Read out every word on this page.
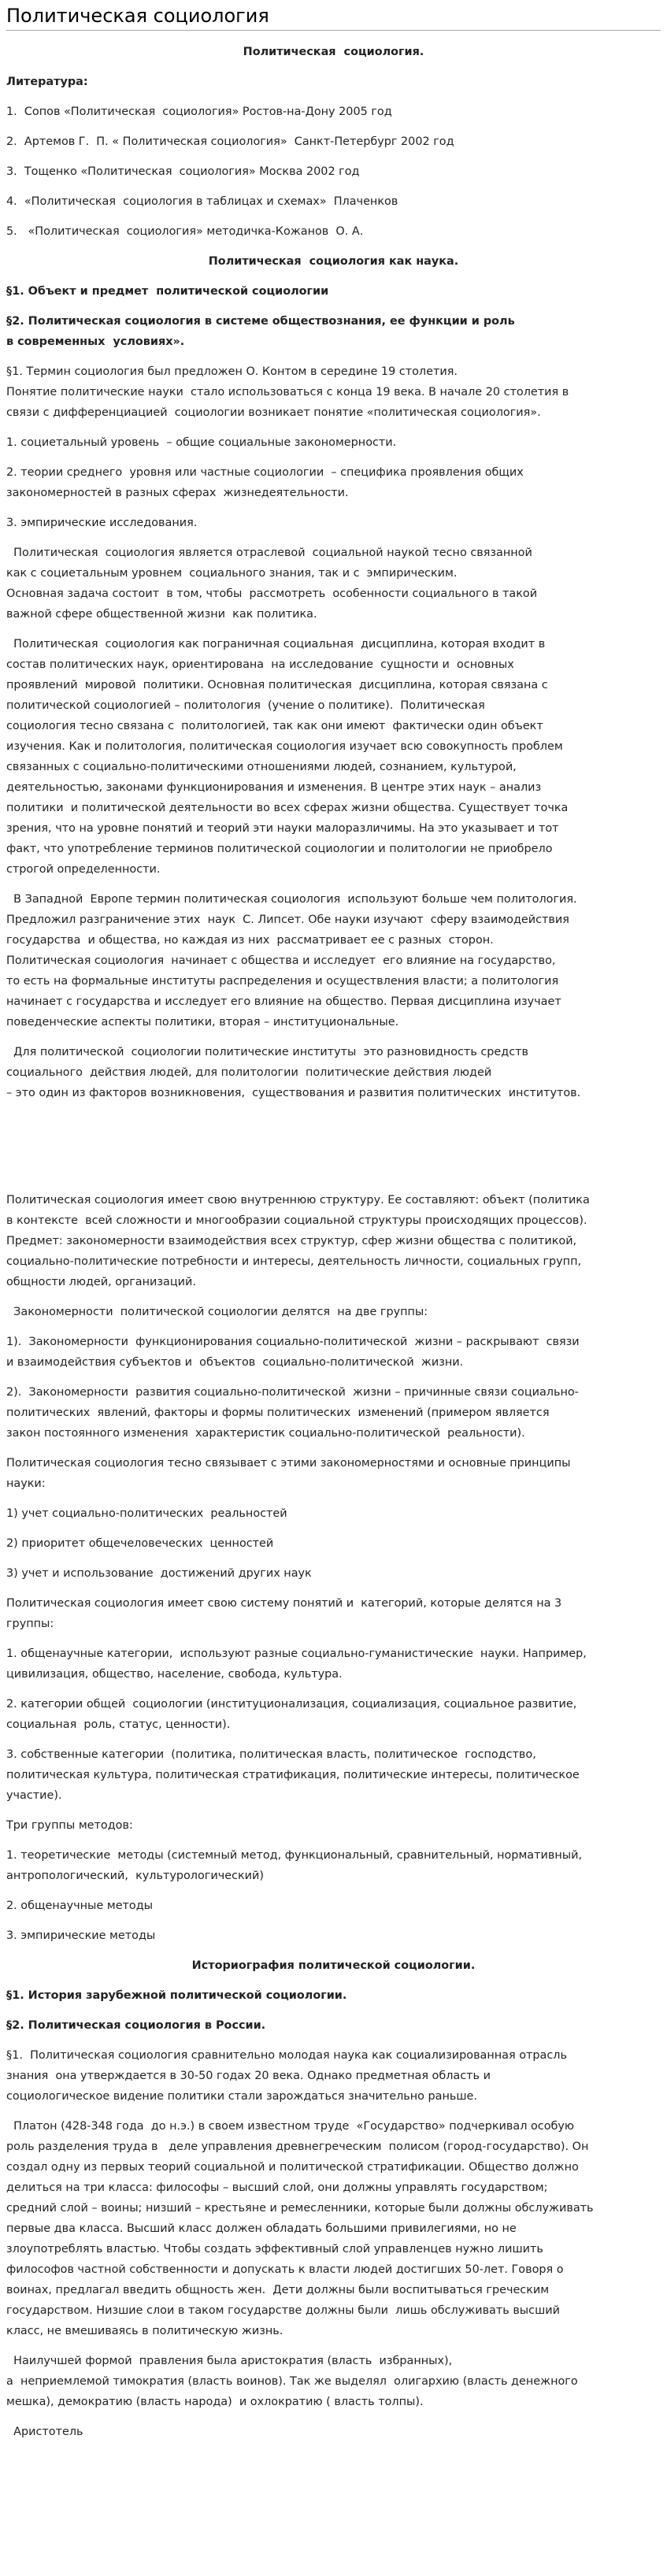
Политическая социология

Политическая  социология.

Литература:

1.  Сопов «Политическая  социология» Ростов-на-Дону 2005 год

2.  Артемов Г.  П. « Политическая социология»  Санкт-Петербург 2002 год

3.  Тощенко «Политическая  социология» Москва 2002 год

4.  «Политическая  социология в таблицах и схемах»  Плаченков

5.   «Политическая  социология» методичка-Кожанов  О. А.

Политическая  социология как наука.

§1. Объект и предмет  политической социологии

§2. Политическая социология в системе обществознания, ее функции и роль
в современных  условиях».

§1. Термин социология был предложен О. Контом в середине 19 столетия.
Понятие политические науки  стало использоваться с конца 19 века. В начале 20 столетия в
связи с дифференциацией  социологии возникает понятие «политическая социология».

1. социетальный уровень  – общие социальные закономерности.

2. теории среднего  уровня или частные социологии  – специфика проявления общих
закономерностей в разных сферах  жизнедеятельности.

3. эмпирические исследования.

Политическая  социология является отраслевой  социальной наукой тесно связанной
как с социетальным уровнем  социального знания, так и с  эмпирическим.
Основная задача состоит  в том, чтобы  рассмотреть  особенности социального в такой
важной сфере общественной жизни  как политика.

Политическая  социология как пограничная социальная  дисциплина, которая входит в
состав политических наук, ориентирована  на исследование  сущности и  основных
проявлений  мировой  политики. Основная политическая  дисциплина, которая связана с
политической социологией – политология  (учение о политике).  Политическая
социология тесно связана с  политологией, так как они имеют  фактически один объект
изучения. Как и политология, политическая социология изучает всю совокупность проблем
связанных с социально-политическими отношениями людей, сознанием, культурой,
деятельностью, законами функционирования и изменения. В центре этих наук – анализ
политики  и политической деятельности во всех сферах жизни общества. Существует точка
зрения, что на уровне понятий и теорий эти науки малоразличимы. На это указывает и тот
факт, что употребление терминов политической социологии и политологии не приобрело
строгой определенности.

В Западной  Европе термин политическая социология  используют больше чем политология.
Предложил разграничение этих  наук  С. Липсет. Обе науки изучают  сферу взаимодействия
государства  и общества, но каждая из них  рассматривает ее с разных  сторон.
Политическая социология  начинает с общества и исследует  его влияние на государство,
то есть на формальные институты распределения и осуществления власти; а политология
начинает с государства и исследует его влияние на общество. Первая дисциплина изучает
поведенческие аспекты политики, вторая – институциональные.

Для политической  социологии политические институты  это разновидность средств
социального  действия людей, для политологии  политические действия людей
– это один из факторов возникновения,  существования и развития политических  институтов.

Политическая социология имеет свою внутреннюю структуру. Ее составляют: объект (политика
в контексте  всей сложности и многообразии социальной структуры происходящих процессов).
Предмет: закономерности взаимодействия всех структур, сфер жизни общества с политикой,
социально-политические потребности и интересы, деятельность личности, социальных групп,
общности людей, организаций.

Закономерности  политической социологии делятся  на две группы:

1).  Закономерности  функционирования социально-политической  жизни – раскрывают  связи
и взаимодействия субъектов и  объектов  социально-политической  жизни.

2).  Закономерности  развития социально-политической  жизни – причинные связи социально-
политических  явлений, факторы и формы политических  изменений (примером является
закон постоянного изменения  характеристик социально-политической  реальности).

Политическая социология тесно связывает с этими закономерностями и основные принципы
науки:

1) учет социально-политических  реальностей

2) приоритет общечеловеческих  ценностей

3) учет и использование  достижений других наук

Политическая социология имеет свою систему понятий и  категорий, которые делятся на 3
группы:

1. общенаучные категории,  используют разные социально-гуманистические  науки. Например,
цивилизация, общество, население, свобода, культура.

2. категории общей  социологии (институционализация, социализация, социальное развитие,
социальная  роль, статус, ценности).

3. собственные категории  (политика, политическая власть, политическое  господство,
политическая культура, политическая стратификация, политические интересы, политическое
участие).

Три группы методов:

1. теоретические  методы (системный метод, функциональный, сравнительный, нормативный,
антропологический,  культурологический)

2. общенаучные методы

3. эмпирические методы

Историография политической социологии.

§1. История зарубежной политической социологии.

§2. Политическая социология в России.

§1.  Политическая социология сравнительно молодая наука как социализированная отрасль
знания  она утверждается в 30-50 годах 20 века. Однако предметная область и
социологическое видение политики стали зарождаться значительно раньше.

Платон (428-348 года  до н.э.) в своем известном труде  «Государство» подчеркивал особую
роль разделения труда в   деле управления древнегреческим  полисом (город-государство). Он
создал одну из первых теорий социальной и политической стратификации. Общество должно
делиться на три класса: философы – высший слой, они должны управлять государством;
средний слой – воины; низший – крестьяне и ремесленники, которые были должны обслуживать
первые два класса. Высший класс должен обладать большими привилегиями, но не
злоупотреблять властью. Чтобы создать эффективный слой управленцев нужно лишить
философов частной собственности и допускать к власти людей достигших 50-лет. Говоря о
воинах, предлагал введить общность жен.  Дети должны были воспитываться греческим
государством. Низшие слои в таком государстве должны были  лишь обслуживать высший
класс, не вмешиваясь в политическую жизнь.

Наилучшей формой  правления была аристократия (власть  избранных),
а  неприемлемой тимократия (власть воинов). Так же выделял  олигархию (власть денежного
мешка), демократию (власть народа)  и охлократию ( власть толпы).

Аристотель
